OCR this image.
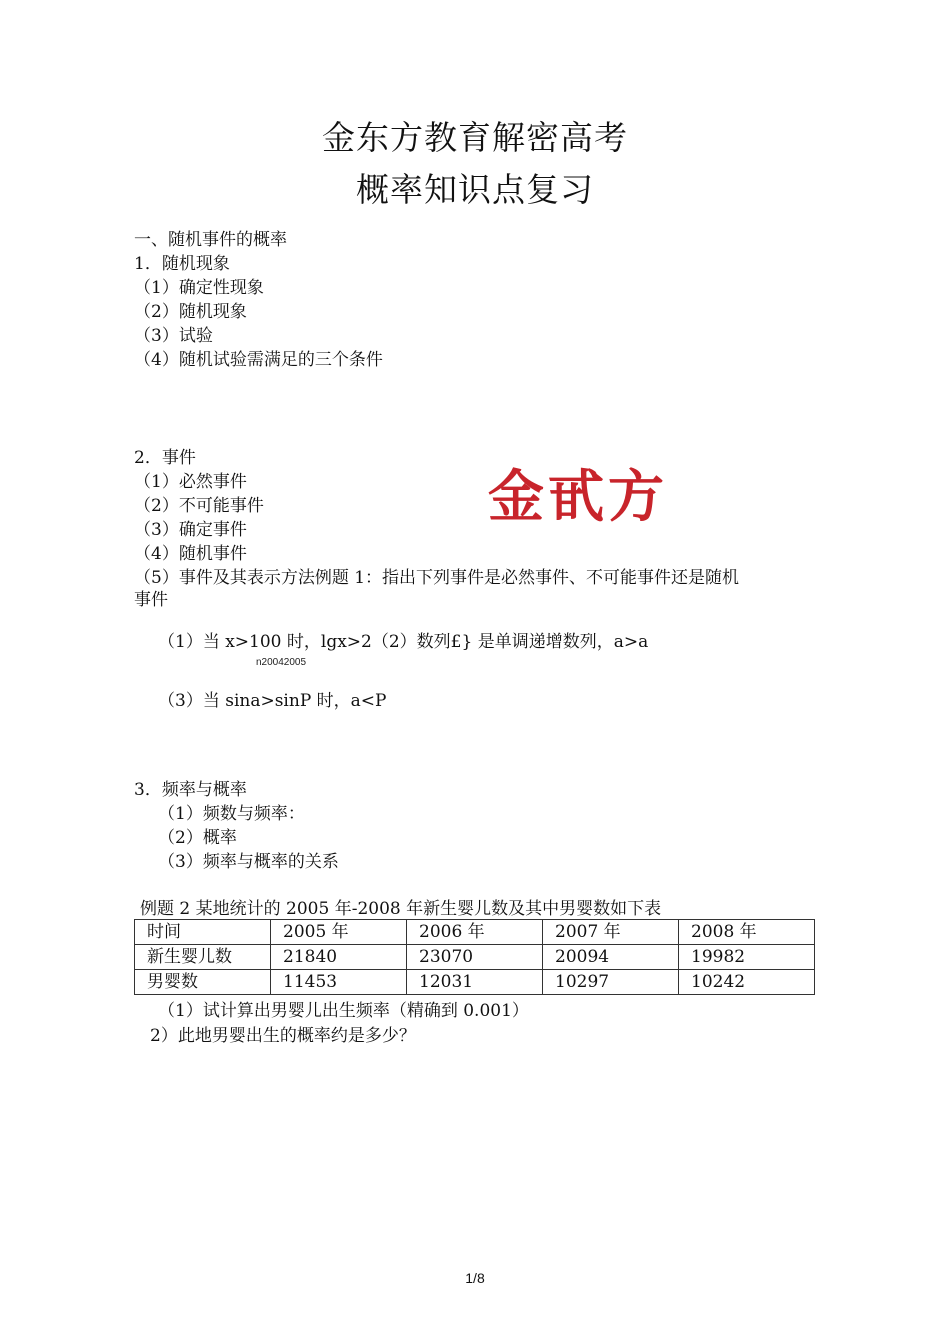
金东方教育解密高考
概率知识点复习
一、随机事件的概率
1．随机现象
（1）确定性现象
（2）随机现象
（3）试验
（4）随机试验需满足的三个条件
2．事件
（1）必然事件
（2）不可能事件
（3）确定事件
（4）随机事件
（5）事件及其表示方法例题 1：指出下列事件是必然事件、不可能事件还是随机
事件
金甙方
（1）当 x>100 时，lgx>2（2）数列£} 是单调递增数列，a>a
n20042005
（3）当 sina>sinP 时，a<P
3．频率与概率
（1）频数与频率：
（2）概率
（3）频率与概率的关系
例题 2 某地统计的 2005 年-2008 年新生婴儿数及其中男婴数如下表
时间	2005 年	2006 年	2007 年	2008 年
新生婴儿数	21840	23070	20094	19982
男婴数	11453	12031	10297	10242
（1）试计算出男婴儿出生频率（精确到 0.001）
2）此地男婴出生的概率约是多少？
1/8
